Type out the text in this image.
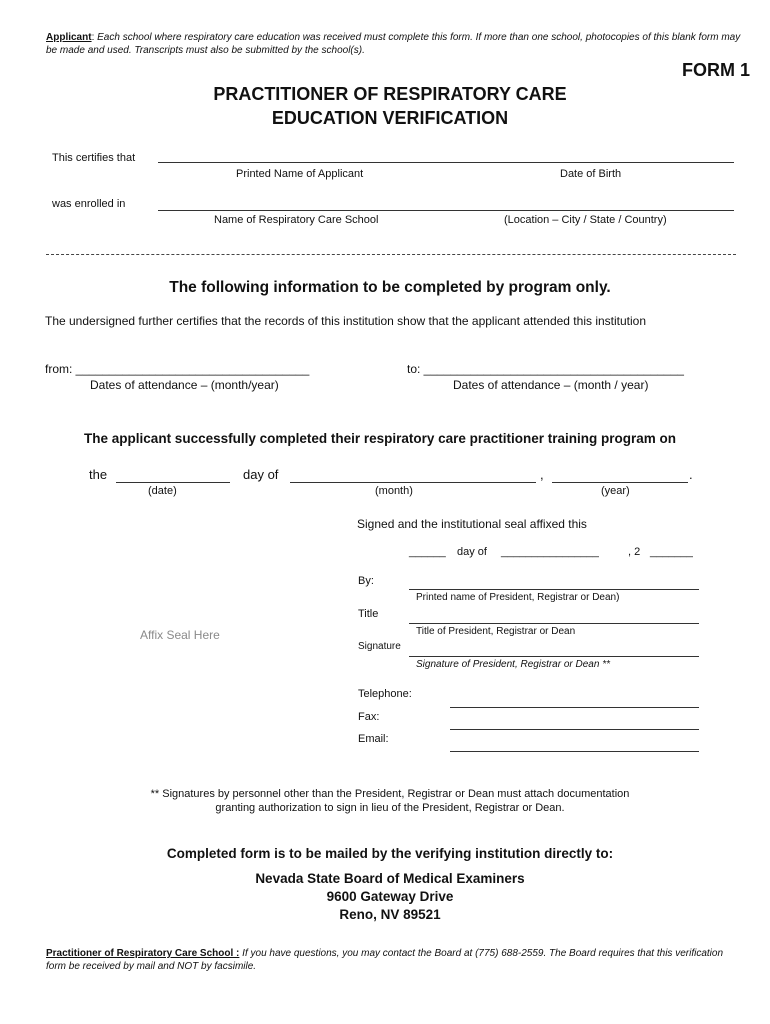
Applicant: Each school where respiratory care education was received must complete this form. If more than one school, photocopies of this blank form may be made and used. Transcripts must also be submitted by the school(s).
FORM 1
PRACTITIONER OF RESPIRATORY CARE
EDUCATION VERIFICATION
This certifies that
Printed Name of Applicant	Date of Birth
was enrolled in
Name of Respiratory Care School	(Location – City / State / Country)
The following information to be completed by program only.
The undersigned further certifies that the records of this institution show that the applicant attended this institution
from: ___________________________________	to: _______________________________________
Dates of attendance – (month/year)	Dates of attendance – (month / year)
The applicant successfully completed their respiratory care practitioner training program on
the	day of	,	.
(date)	(month)	(year)
Signed and the institutional seal affixed this
______ day of ________________	, 2 _______
By:
Printed name of President, Registrar or Dean)
Title
Title of President, Registrar or Dean
Affix Seal Here
Signature
Signature of President, Registrar or Dean **
Telephone:
Fax:
Email:
** Signatures by personnel other than the President, Registrar or Dean must attach documentation
granting authorization to sign in lieu of the President, Registrar or Dean.
Completed form is to be mailed by the verifying institution directly to:
Nevada State Board of Medical Examiners
9600 Gateway Drive
Reno, NV 89521
Practitioner of Respiratory Care School : If you have questions, you may contact the Board at (775) 688-2559. The Board requires that this verification form be received by mail and NOT by facsimile.
